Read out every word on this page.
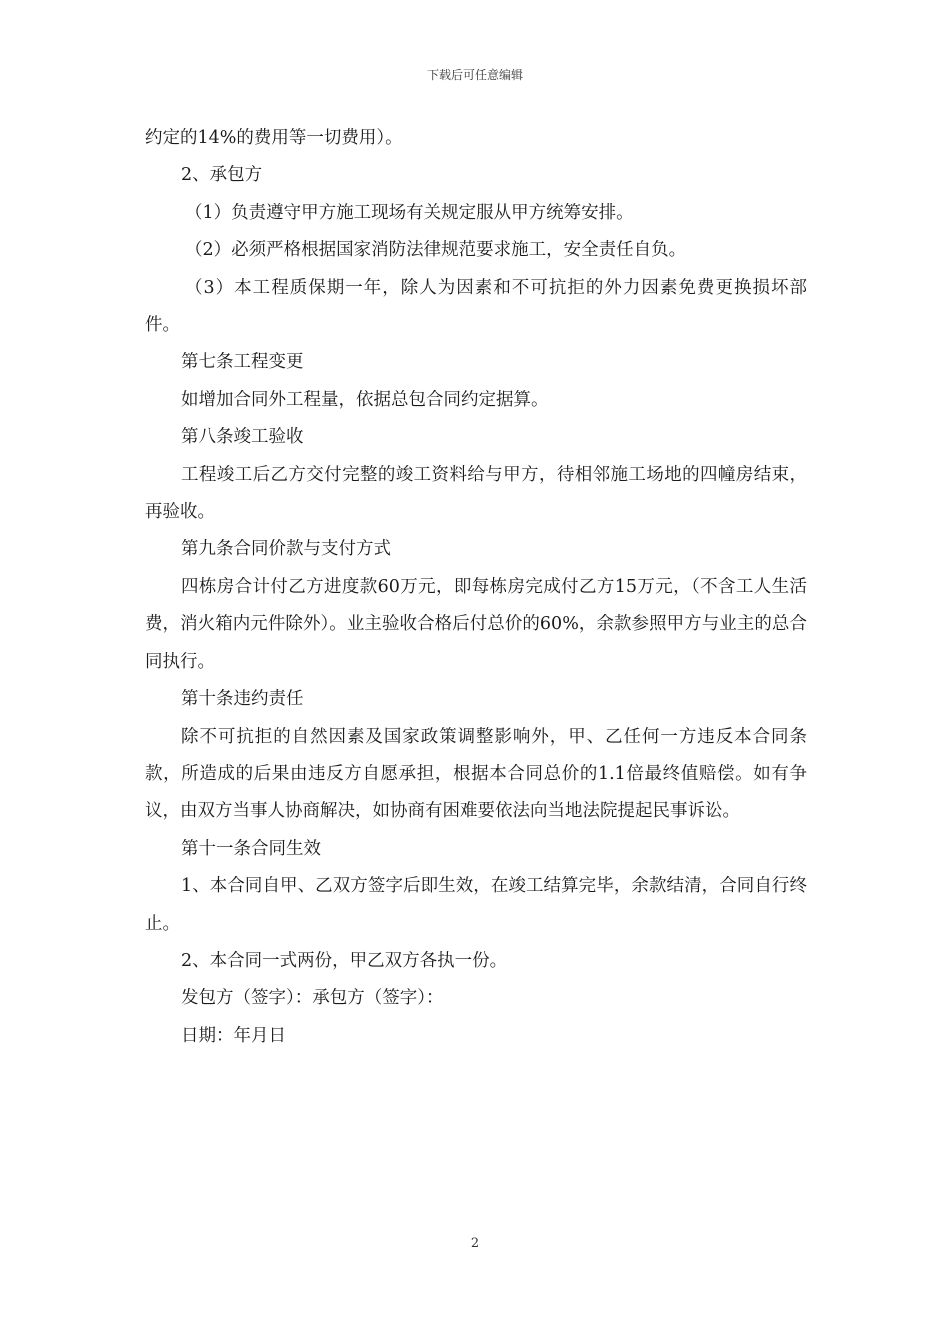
下载后可任意编辑

约定的14%的费用等一切费用）。

2、承包方

（1）负责遵守甲方施工现场有关规定服从甲方统筹安排。

（2）必须严格根据国家消防法律规范要求施工，安全责任自负。

（3）本工程质保期一年，除人为因素和不可抗拒的外力因素免费更换损坏部件。

第七条工程变更

如增加合同外工程量，依据总包合同约定据算。

第八条竣工验收

工程竣工后乙方交付完整的竣工资料给与甲方，待相邻施工场地的四幢房结束，再验收。

第九条合同价款与支付方式

四栋房合计付乙方进度款60万元，即每栋房完成付乙方15万元，（不含工人生活费，消火箱内元件除外）。业主验收合格后付总价的60%，余款参照甲方与业主的总合同执行。

第十条违约责任

除不可抗拒的自然因素及国家政策调整影响外，甲、乙任何一方违反本合同条款，所造成的后果由违反方自愿承担，根据本合同总价的1.1倍最终值赔偿。如有争议，由双方当事人协商解决，如协商有困难要依法向当地法院提起民事诉讼。

第十一条合同生效

1、本合同自甲、乙双方签字后即生效，在竣工结算完毕，余款结清，合同自行终止。

2、本合同一式两份，甲乙双方各执一份。

发包方（签字）：承包方（签字）：

日期：年月日

2
